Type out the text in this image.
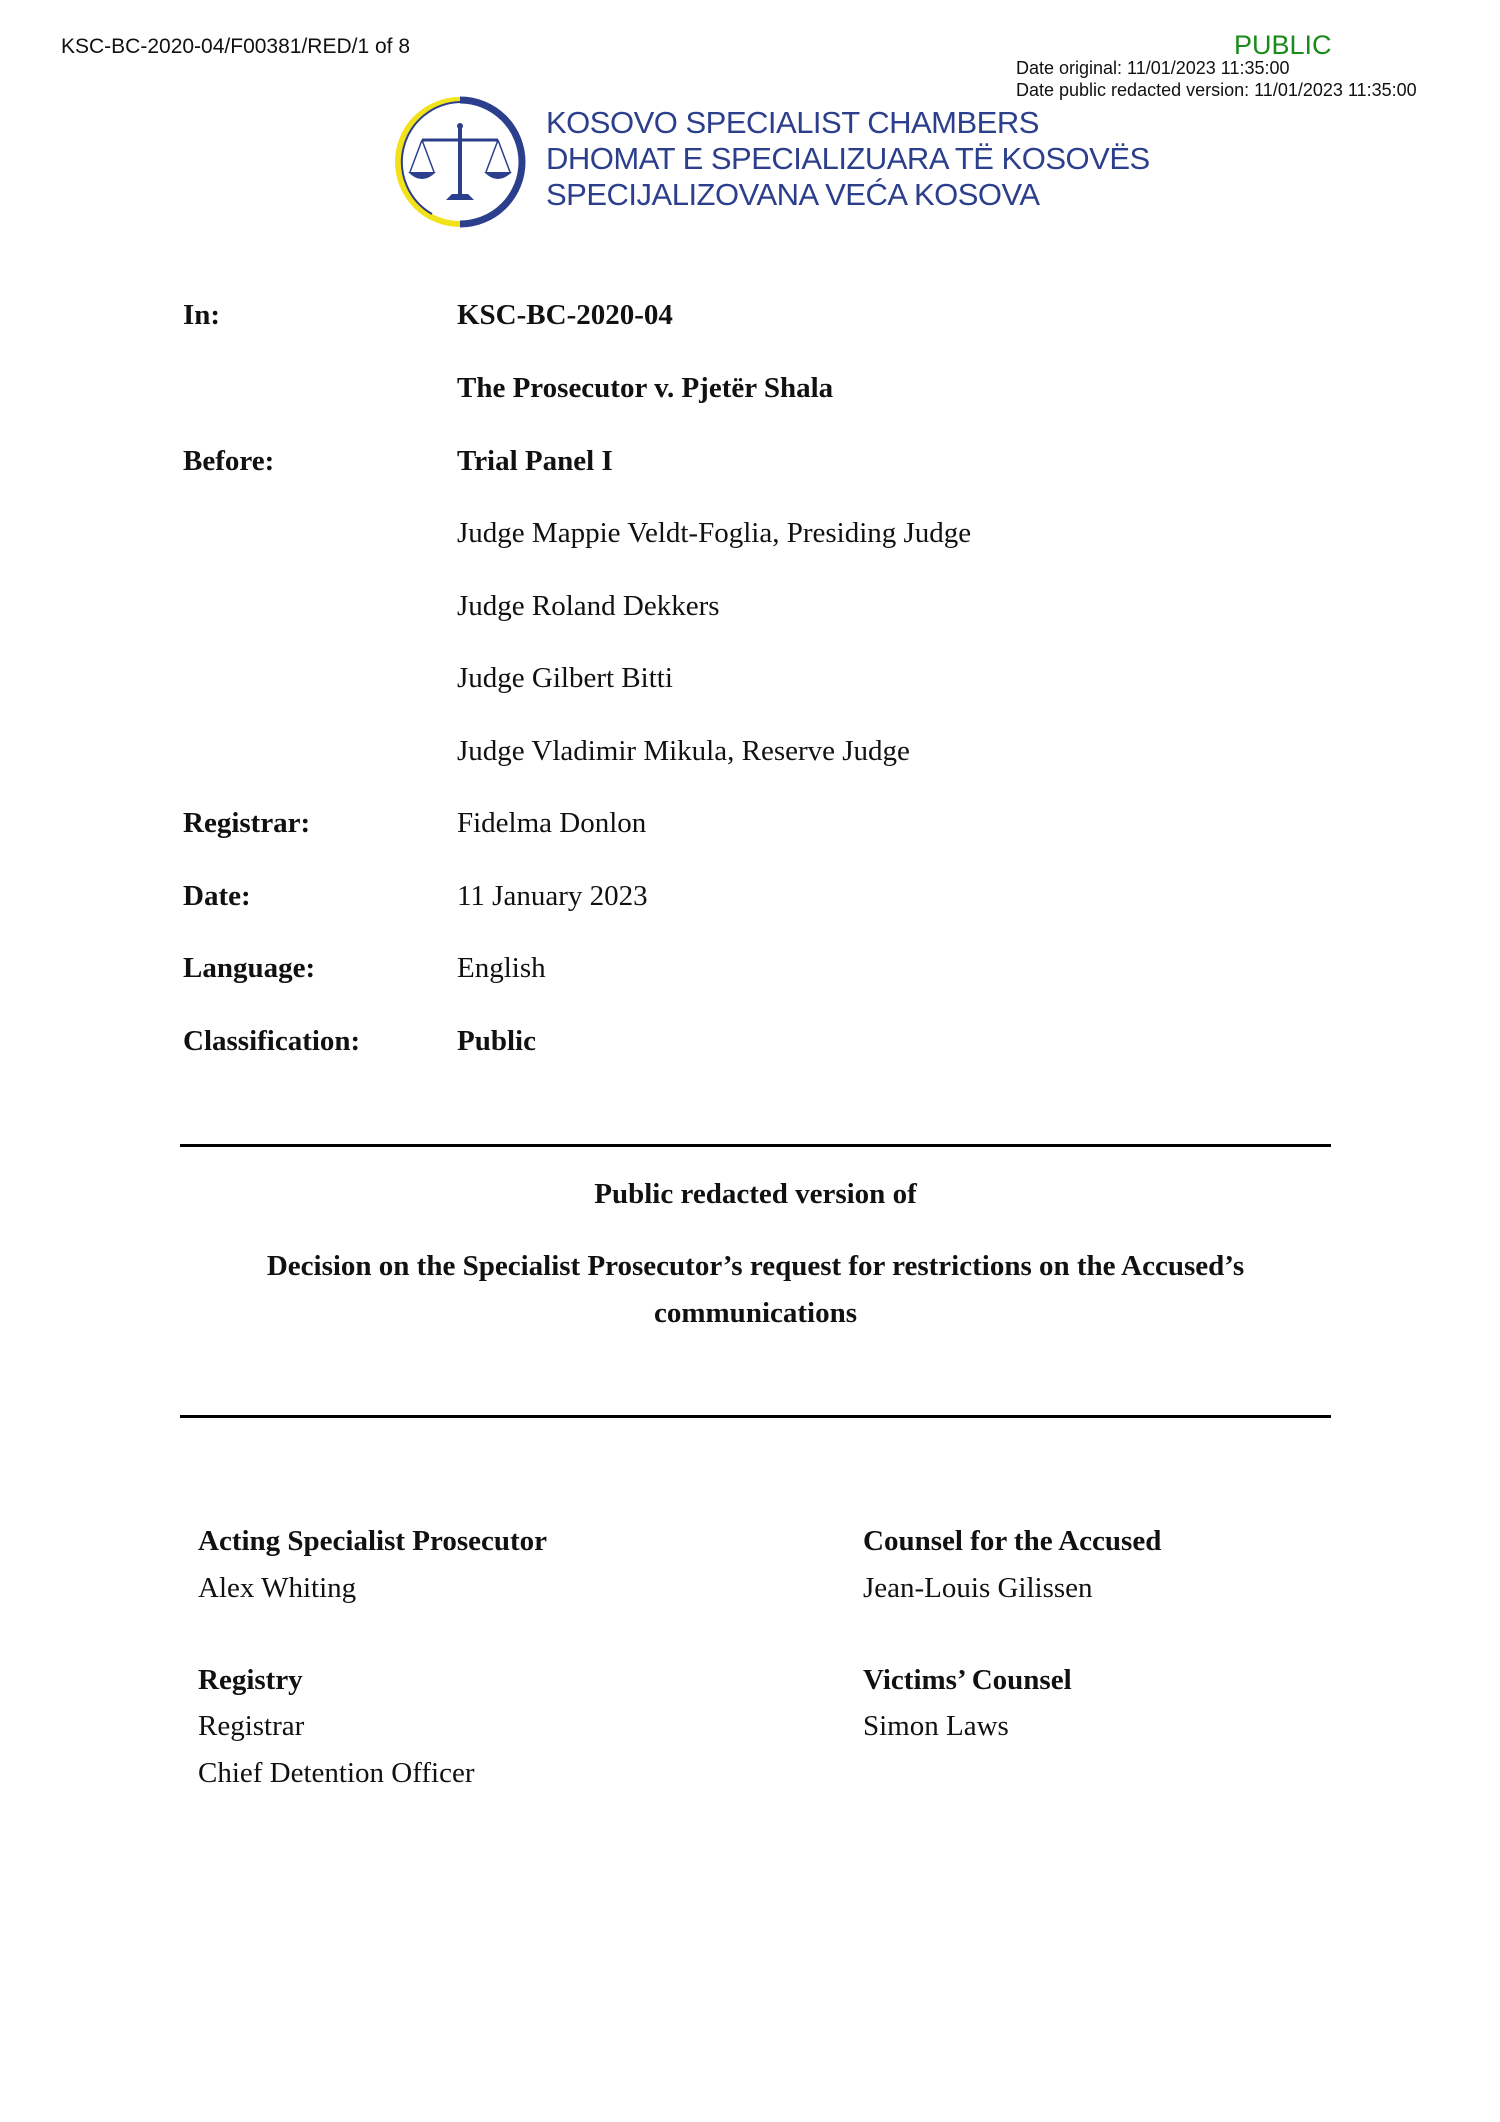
KSC-BC-2020-04/F00381/RED/1 of 8	PUBLIC
Date original: 11/01/2023 11:35:00
Date public redacted version: 11/01/2023 11:35:00
KOSOVO SPECIALIST CHAMBERS
DHOMAT E SPECIALIZUARA TË KOSOVËS
SPECIJALIZOVANA VEĆA KOSOVA
In:	KSC-BC-2020-04
The Prosecutor v. Pjetër Shala
Before:	Trial Panel I
Judge Mappie Veldt-Foglia, Presiding Judge
Judge Roland Dekkers
Judge Gilbert Bitti
Judge Vladimir Mikula, Reserve Judge
Registrar:	Fidelma Donlon
Date:	11 January 2023
Language:	English
Classification:	Public
Public redacted version of
Decision on the Specialist Prosecutor’s request for restrictions on the Accused’s
communications
Acting Specialist Prosecutor
Alex Whiting
Registry
Registrar
Chief Detention Officer
Counsel for the Accused
Jean-Louis Gilissen
Victims’ Counsel
Simon Laws
